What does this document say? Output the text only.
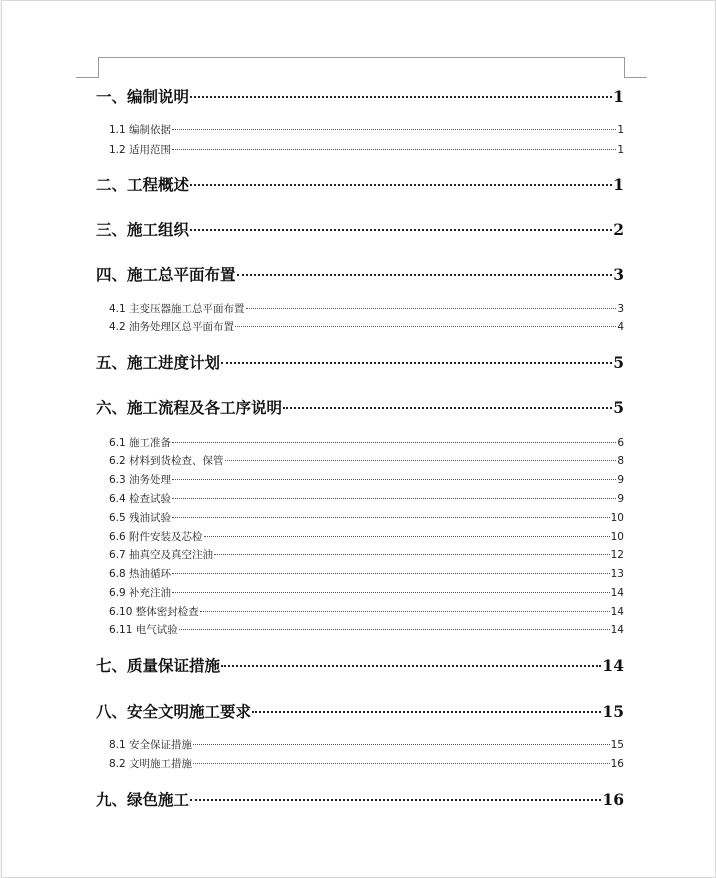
一、编制说明	1
1.1 编制依据	1
1.2 适用范围	1
二、工程概述	1
三、施工组织	2
四、施工总平面布置	3
4.1 主变压器施工总平面布置	3
4.2 油务处理区总平面布置	4
五、施工进度计划	5
六、施工流程及各工序说明	5
6.1 施工准备	6
6.2 材料到货检查、保管	8
6.3 油务处理	9
6.4 检查试验	9
6.5 残油试验	10
6.6 附件安装及芯检	10
6.7 抽真空及真空注油	12
6.8 热油循环	13
6.9 补充注油	14
6.10 整体密封检查	14
6.11 电气试验	14
七、质量保证措施	14
八、安全文明施工要求	15
8.1 安全保证措施	15
8.2 文明施工措施	16
九、绿色施工	16
